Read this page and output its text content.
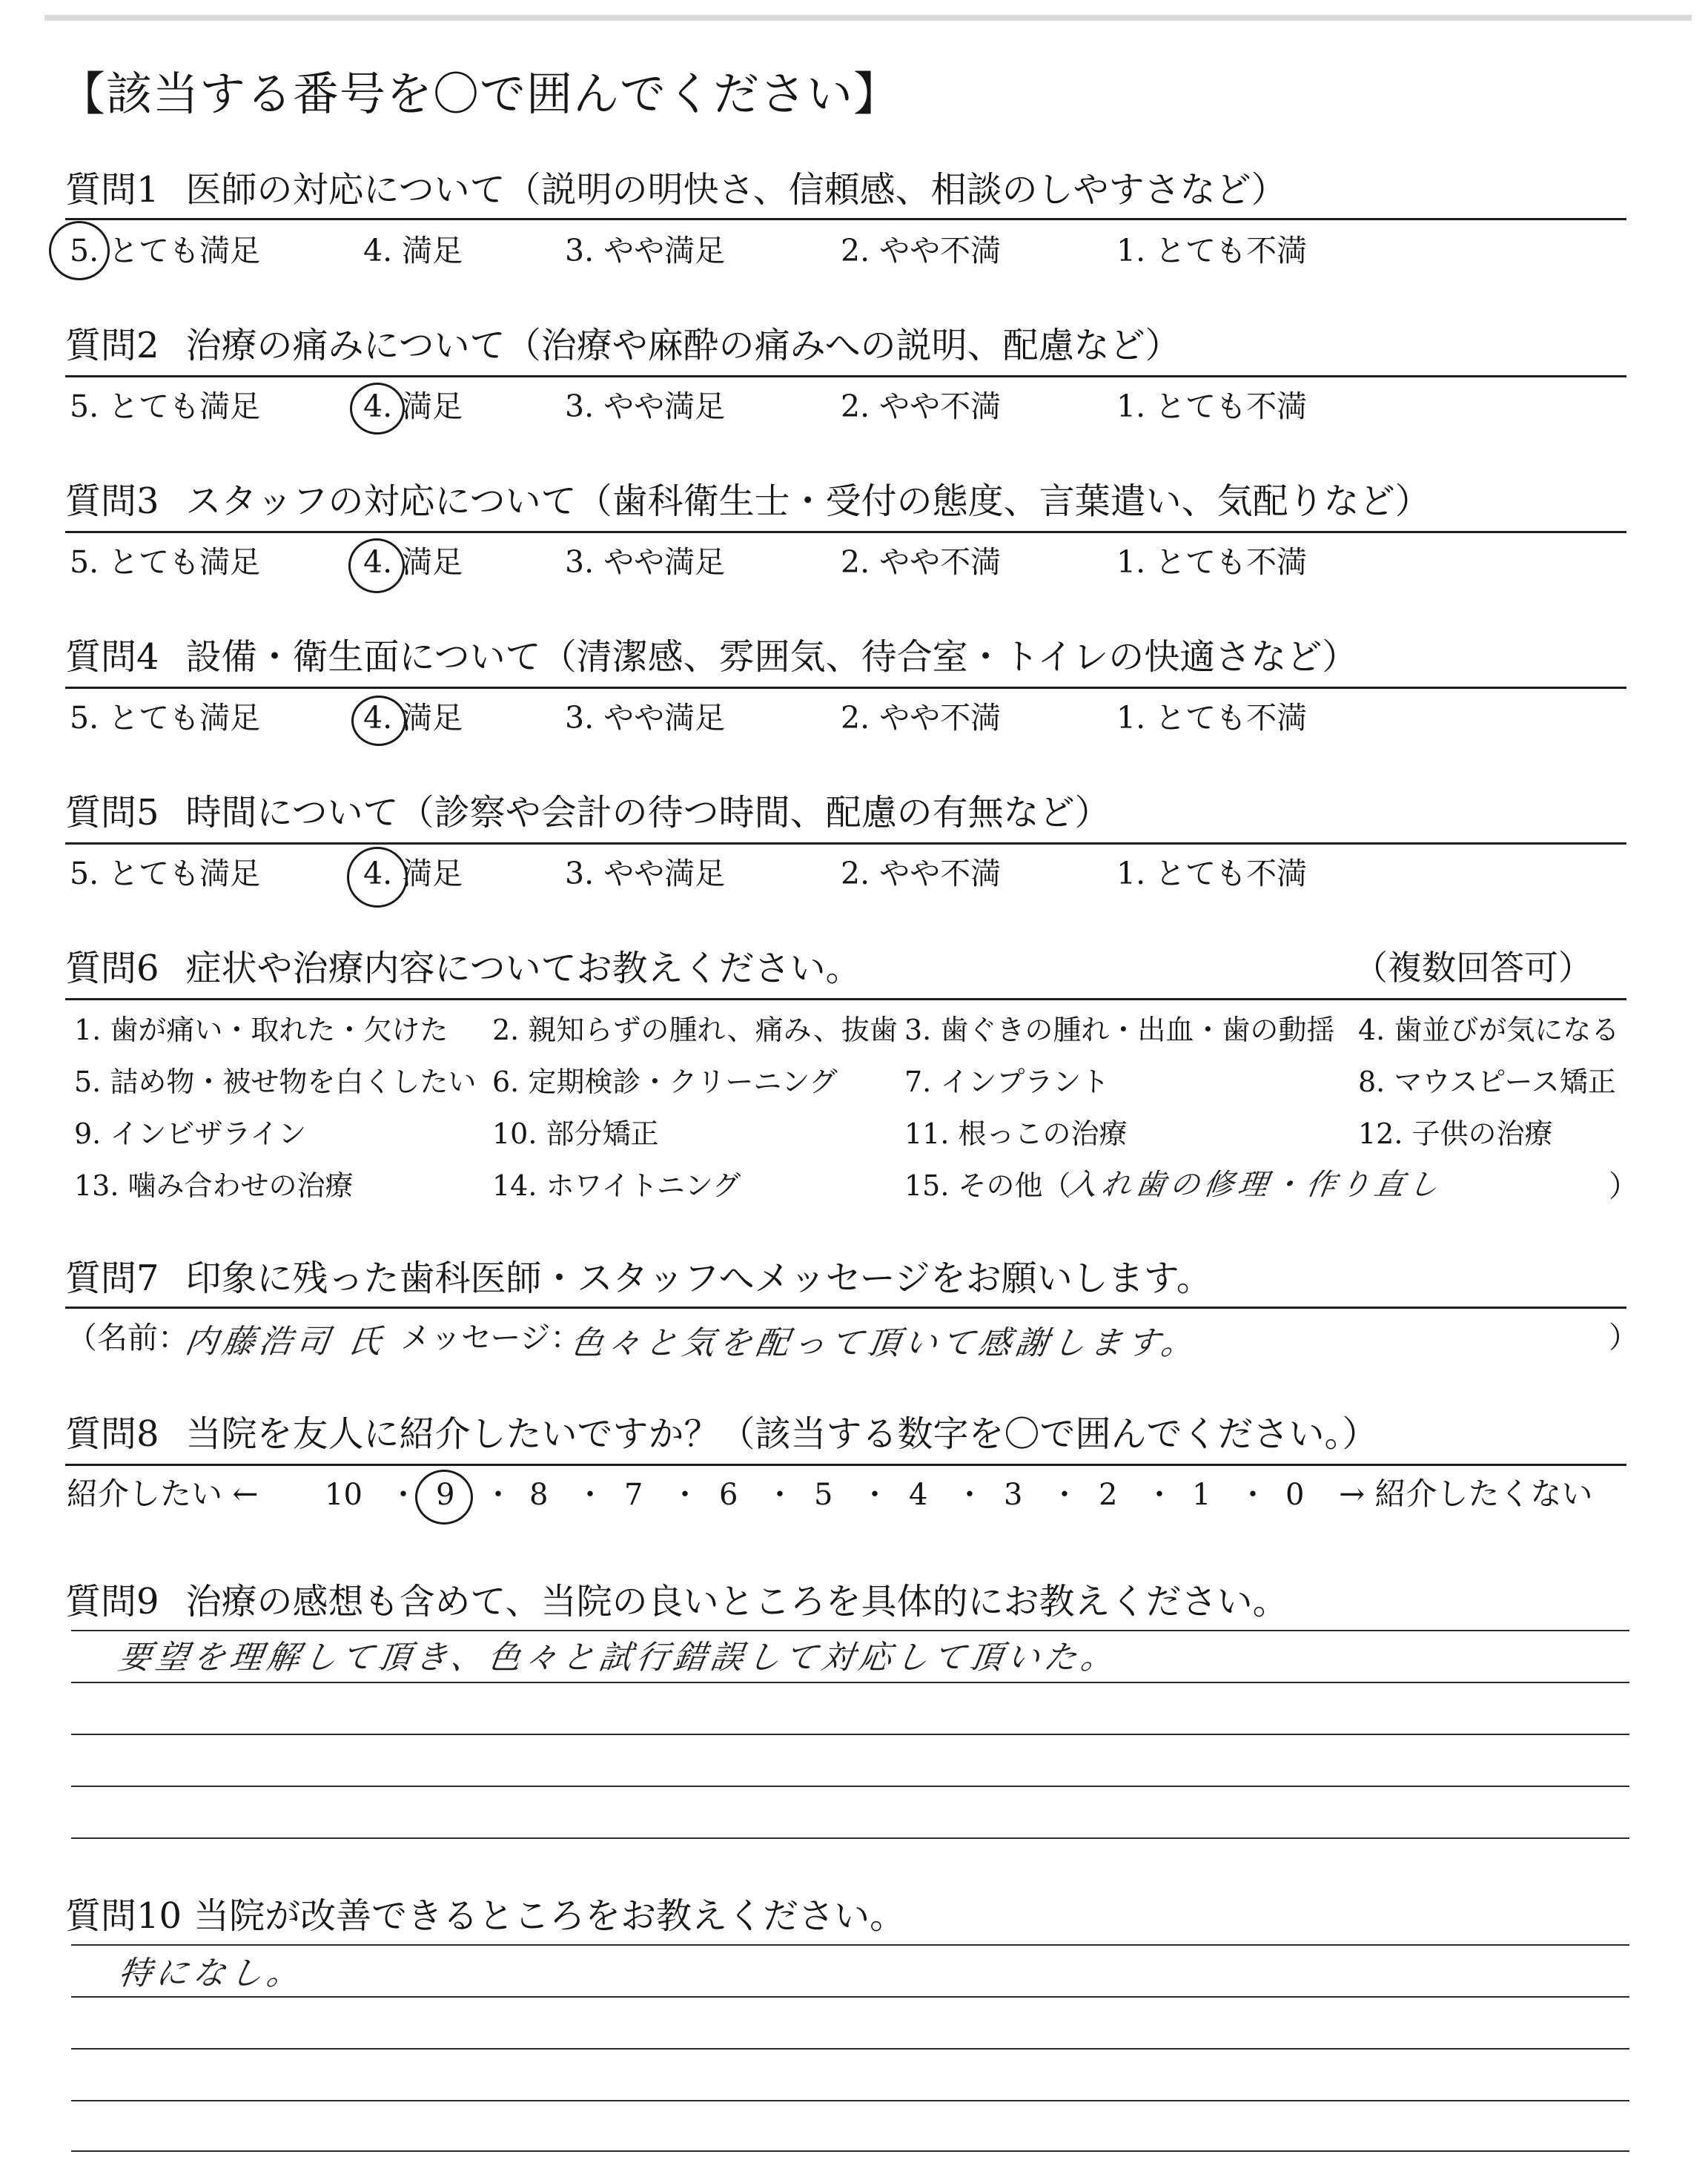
【該当する番号を〇で囲んでください】
質問1 医師の対応について（説明の明快さ、信頼感、相談のしやすさなど）
5. とても満足	4. 満足	3. やや満足	2. やや不満	1. とても不満
質問2 治療の痛みについて（治療や麻酔の痛みへの説明、配慮など）
5. とても満足	4. 満足	3. やや満足	2. やや不満	1. とても不満
質問3 スタッフの対応について（歯科衛生士・受付の態度、言葉遣い、気配りなど）
5. とても満足	4. 満足	3. やや満足	2. やや不満	1. とても不満
質問4 設備・衛生面について（清潔感、雰囲気、待合室・トイレの快適さなど）
5. とても満足	4. 満足	3. やや満足	2. やや不満	1. とても不満
質問5 時間について（診察や会計の待つ時間、配慮の有無など）
5. とても満足	4. 満足	3. やや満足	2. やや不満	1. とても不満
質問6 症状や治療内容についてお教えください。	（複数回答可）
1. 歯が痛い・取れた・欠けた 2. 親知らずの腫れ、痛み、抜歯 3. 歯ぐきの腫れ・出血・歯の動揺 4. 歯並びが気になる
5. 詰め物・被せ物を白くしたい 6. 定期検診・クリーニング 7. インプラント	8. マウスピース矯正
9. インビザライン	10. 部分矯正	11. 根っこの治療	12. 子供の治療
13. 噛み合わせの治療	14. ホワイトニング	15. その他（
入れ歯の修理・作り直し	）
質問7 印象に残った歯科医師・スタッフへメッセージをお願いします。
（名前：
内藤浩司 氏 メッセージ：
色々と気を配って頂いて感謝します。	）
質問8 当院を友人に紹介したいですか？（該当する数字を〇で囲んでください。）
紹介したい ← 10 ・ 9 ・ 8 ・ 7 ・ 6 ・ 5 ・ 4 ・ 3 ・ 2 ・ 1 ・ 0 → 紹介したくない
質問9 治療の感想も含めて、当院の良いところを具体的にお教えください。
要望を理解して頂き、色々と試行錯誤して対応して頂いた。
質問10 当院が改善できるところをお教えください。
特になし。
